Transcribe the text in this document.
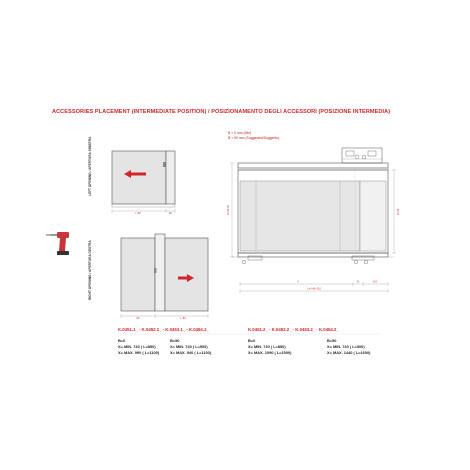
ACCESSORIES PLACEMENT (INTERMEDIATE POSITION) / POSIZIONAMENTO DEGLI ACCESSORI (POSIZIONE INTERMEDIA)
LEFT OPENING / APERTURA SINISTRA
RIGHT OPENING / APERTURA DESTRA
B = 0 mm (Min)
B = 50 mm (Suggested/Suggerito)
L-80	80
80	L-80
H=95-20	H=ZZ
X	B	110
L=X+B+110
K.0451.1_ - K.0452.1_ - K.0453.1_ - K.0454.1_	K.0451.2_ - K.0452.2_ - K.0453.2_ - K.0454.2_
B=0
X= MIN. 740 ( L=850)
X= MAX. 990 ( L=1100)
B=50
X= MIN. 740 ( L=900)
X= MAX. 940 ( L=1100)
B=0
X= MIN. 740 ( L=850)
X= MAX. 1090 ( L=1500)
B=50
X= MIN. 740 ( L=900)
X= MAX. 1440 ( L=1600)
